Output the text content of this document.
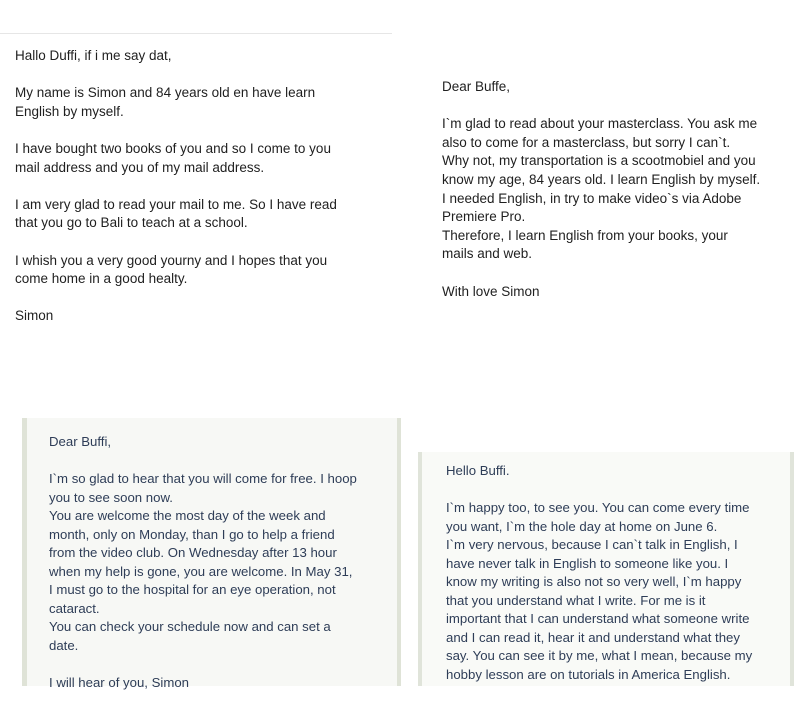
Hallo Duffi, if i me say dat,

My name is Simon and 84 years old en have learn
English by myself.

I have bought two books of you and so I come to you
mail address and you of my mail address.

I am very glad to read your mail to me. So I have read
that you go to Bali to teach at a school.

I whish you a very good yourny and I hopes that you
come home in a good healty.

Simon
Dear Buffe,

I`m glad to read about your masterclass. You ask me
also to come for a masterclass, but sorry I can`t.
Why not, my transportation is a scootmobiel and you
know my age, 84 years old. I learn English by myself.
I needed English, in try to make video`s via Adobe
Premiere Pro.
Therefore, I learn English from your books, your
mails and web.

With love Simon
Dear Buffi,

I`m so glad to hear that you will come for free. I hoop
you to see soon now.
You are welcome the most day of the week and
month, only on Monday, than I go to help a friend
from the video club. On Wednesday after 13 hour
when my help is gone, you are welcome. In May 31,
I must go to the hospital for an eye operation, not
cataract.
You can check your schedule now and can set a
date.

I will hear of you, Simon
Hello Buffi.

I`m happy too, to see you. You can come every time
you want, I`m the hole day at home on June 6.
I`m very nervous, because I can`t talk in English, I
have never talk in English to someone like you. I
know my writing is also not so very well, I`m happy
that you understand what I write. For me is it
important that I can understand what someone write
and I can read it, hear it and understand what they
say. You can see it by me, what I mean, because my
hobby lesson are on tutorials in America English.
